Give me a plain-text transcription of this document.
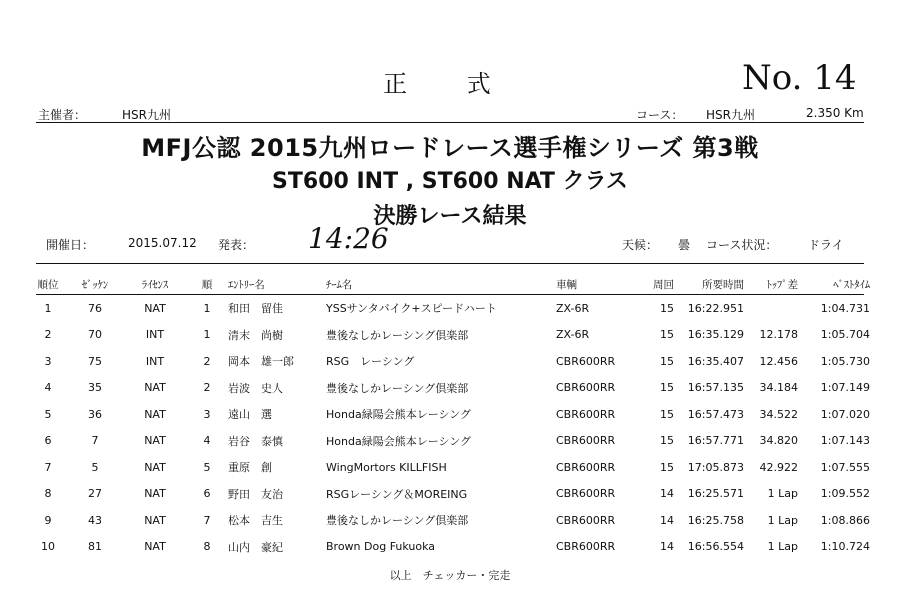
正 式	No. 14
主催者：	HSR九州	コース： HSR九州	2.350 Km
MFJ公認 2015九州ロードレース選手権シリーズ 第3戦
ST600 INT , ST600 NAT クラス
決勝レース結果
開催日：	2015.07.12 発表： 14:26	天候： 曇 コース状況：	ドライ
順位	ｾﾞｯｹﾝ	ﾗｲｾﾝｽ	順	ｴﾝﾄﾘｰ名	ﾁｰﾑ名	車輌	周回	所要時間	ﾄｯﾌﾟ差	ﾍﾞｽﾄﾀｲﾑ
1	76	NAT	1	和田　留佳	YSSサンタバイク+スピードハート	ZX-6R	15	16:22.951		1:04.731
2	70	INT	1	清末　尚樹	豊後なしかレーシング倶楽部	ZX-6R	15	16:35.129	12.178	1:05.704
3	75	INT	2	岡本　雄一郎	RSG　レーシング	CBR600RR	15	16:35.407	12.456	1:05.730
4	35	NAT	2	岩波　史人	豊後なしかレーシング倶楽部	CBR600RR	15	16:57.135	34.184	1:07.149
5	36	NAT	3	遠山　選	Honda緑陽会熊本レーシング	CBR600RR	15	16:57.473	34.522	1:07.020
6	7	NAT	4	岩谷　泰慎	Honda緑陽会熊本レーシング	CBR600RR	15	16:57.771	34.820	1:07.143
7	5	NAT	5	重原　創	WingMortors KILLFISH	CBR600RR	15	17:05.873	42.922	1:07.555
8	27	NAT	6	野田　友治	RSGレーシング＆MOREING	CBR600RR	14	16:25.571	1 Lap	1:09.552
9	43	NAT	7	松本　吉生	豊後なしかレーシング倶楽部	CBR600RR	14	16:25.758	1 Lap	1:08.866
10	81	NAT	8	山内　豪紀	Brown Dog Fukuoka	CBR600RR	14	16:56.554	1 Lap	1:10.724
以上　チェッカー・完走
